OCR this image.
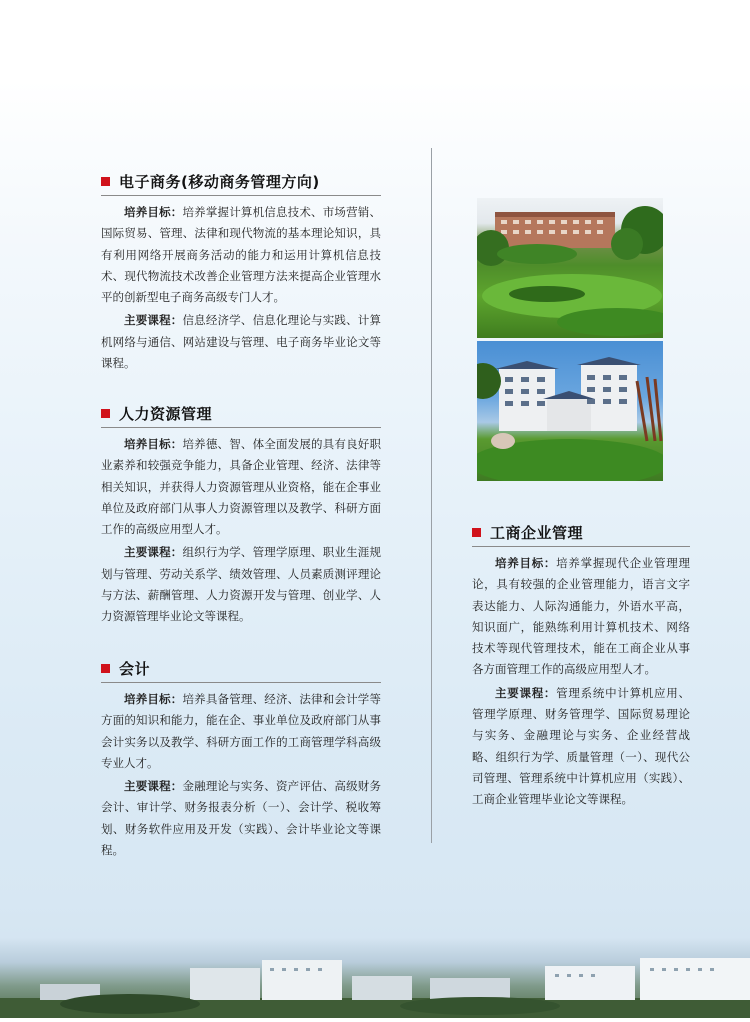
电子商务(移动商务管理方向)

培养目标：培养掌握计算机信息技术、市场营销、国际贸易、管理、法律和现代物流的基本理论知识，具有利用网络开展商务活动的能力和运用计算机信息技术、现代物流技术改善企业管理方法来提高企业管理水平的创新型电子商务高级专门人才。

主要课程：信息经济学、信息化理论与实践、计算机网络与通信、网站建设与管理、电子商务毕业论文等课程。

人力资源管理

培养目标：培养德、智、体全面发展的具有良好职业素养和较强竞争能力，具备企业管理、经济、法律等相关知识，并获得人力资源管理从业资格，能在企事业单位及政府部门从事人力资源管理以及教学、科研方面工作的高级应用型人才。

主要课程：组织行为学、管理学原理、职业生涯规划与管理、劳动关系学、绩效管理、人员素质测评理论与方法、薪酬管理、人力资源开发与管理、创业学、人力资源管理毕业论文等课程。

会计

培养目标：培养具备管理、经济、法律和会计学等方面的知识和能力，能在企、事业单位及政府部门从事会计实务以及教学、科研方面工作的工商管理学科高级专业人才。

主要课程：金融理论与实务、资产评估、高级财务会计、审计学、财务报表分析（一）、会计学、税收筹划、财务软件应用及开发（实践）、会计毕业论文等课程。

工商企业管理

培养目标：培养掌握现代企业管理理论，具有较强的企业管理能力，语言文字表达能力、人际沟通能力，外语水平高，知识面广，能熟练利用计算机技术、网络技术等现代管理技术，能在工商企业从事各方面管理工作的高级应用型人才。

主要课程：管理系统中计算机应用、管理学原理、财务管理学、国际贸易理论与实务、金融理论与实务、企业经营战略、组织行为学、质量管理（一）、现代公司管理、管理系统中计算机应用（实践）、工商企业管理毕业论文等课程。
